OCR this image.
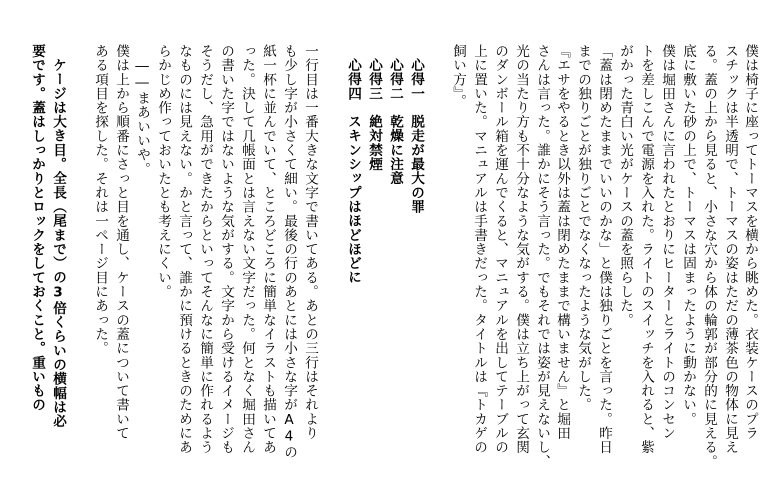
僕は椅子に座ってトーマスを横から眺めた。衣装ケースのプラ
スチックは半透明で、トーマスの姿はただの薄茶色の物体に見え
る。蓋の上から見ると、小さな穴から体の輪郭が部分的に見える。
底に敷いた砂の上で、トーマスは固まったように動かない。
僕は堀田さんに言われたとおりにヒーターとライトのコンセン
トを差しこんで電源を入れた。ライトのスイッチを入れると、紫
がかった青白い光がケースの蓋を照らした。
「蓋は閉めたままでいいのかな」と僕は独りごとを言った。昨日
までの独りごとが独りごとでなくなったような気がした。
『エサをやるとき以外は蓋は閉めたままで構いません』と堀田
さんは言った。誰かにそう言った。でもそれでは姿が見えないし、
光の当たり方も不十分なような気がする。僕は立ち上がって玄関
のダンボール箱を運んでくると、マニュアルを出してテーブルの
上に置いた。マニュアルは手書きだった。タイトルは『トカゲの
飼い方』。
心得一　脱走が最大の罪
心得二　乾燥に注意
心得三　絶対禁煙
心得四　スキンシップはほどほどに
一行目は一番大きな文字で書いてある。あとの三行はそれより
も少し字が小さくて細い。最後の行のあとには小さな字がA4の
紙一杯に並んでいて、ところどころに簡単なイラストも描いてあ
った。決して几帳面とは言えない文字だった。何となく堀田さん
の書いた字ではないような気がする。文字から受けるイメージも
そうだし、急用ができたからといってそんなに簡単に作れるよう
なものには見えない。かと言って、誰かに預けるときのためにあ
らかじめ作っておいたとも考えにくい。
――まあいいや。
僕は上から順番にさっと目を通し、ケースの蓋について書いて
ある項目を探した。それは一ページ目にあった。
ケージは大き目。全長（尾まで）の3倍くらいの横幅は必
要です。蓋はしっかりとロックをしておくこと。重いもの
